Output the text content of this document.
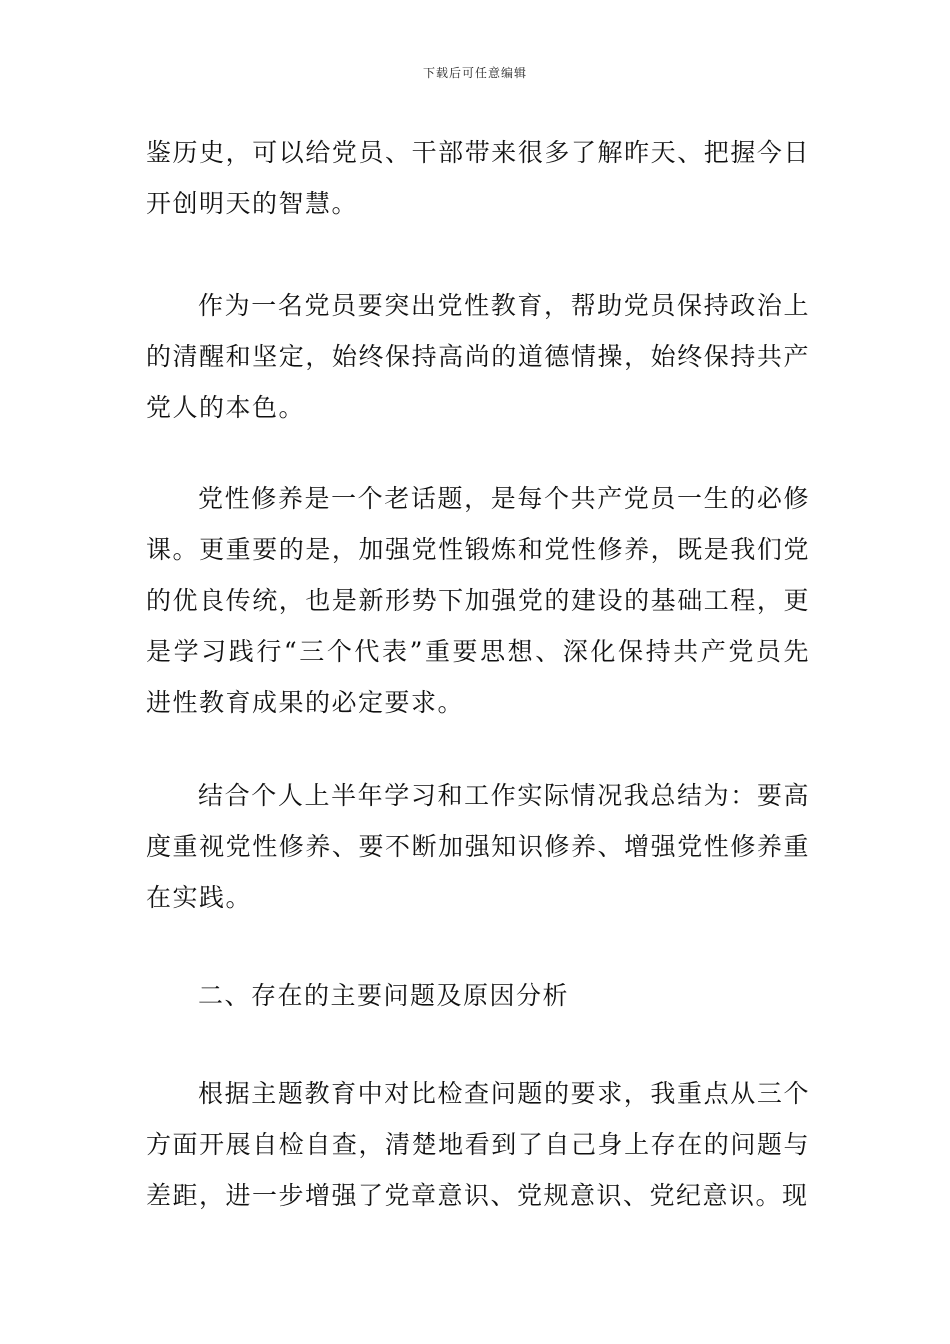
下载后可任意编辑

鉴历史，可以给党员、干部带来很多了解昨天、把握今日开创明天的智慧。

作为一名党员要突出党性教育，帮助党员保持政治上的清醒和坚定，始终保持高尚的道德情操，始终保持共产党人的本色。

党性修养是一个老话题，是每个共产党员一生的必修课。更重要的是，加强党性锻炼和党性修养，既是我们党的优良传统，也是新形势下加强党的建设的基础工程，更是学习践行“三个代表”重要思想、深化保持共产党员先进性教育成果的必定要求。

结合个人上半年学习和工作实际情况我总结为：要高度重视党性修养、要不断加强知识修养、增强党性修养重在实践。

二、存在的主要问题及原因分析

根据主题教育中对比检查问题的要求，我重点从三个方面开展自检自查，清楚地看到了自己身上存在的问题与差距，进一步增强了党章意识、党规意识、党纪意识。现
